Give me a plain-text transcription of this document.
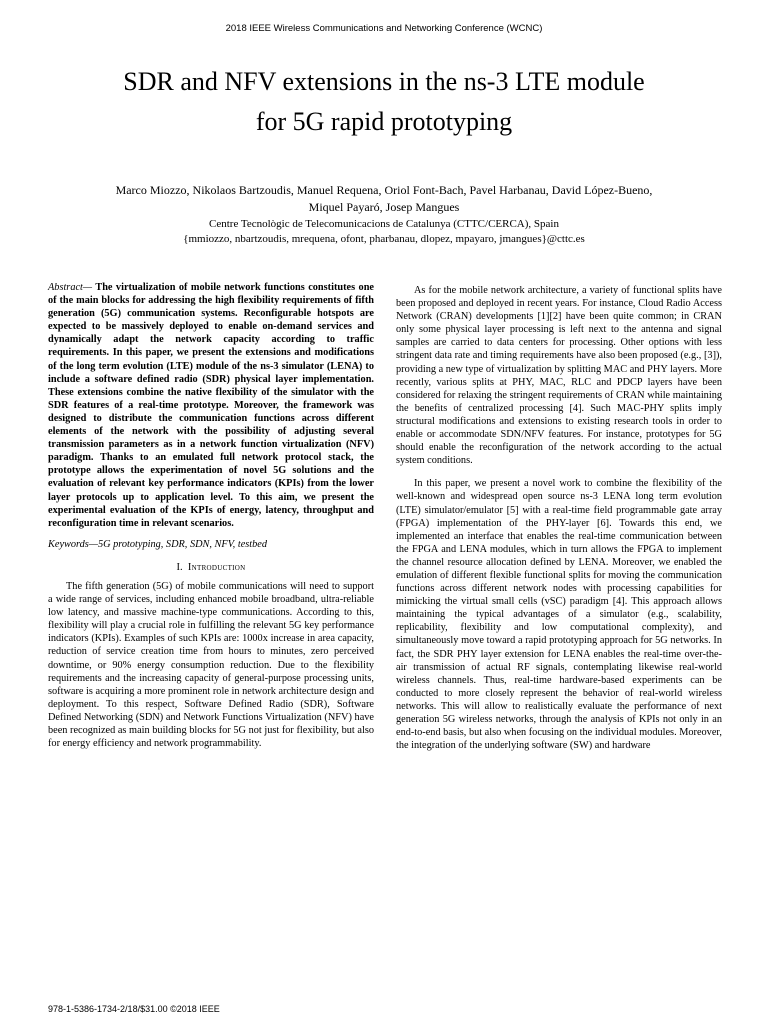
2018 IEEE Wireless Communications and Networking Conference (WCNC)
SDR and NFV extensions in the ns-3 LTE module
for 5G rapid prototyping
Marco Miozzo, Nikolaos Bartzoudis, Manuel Requena, Oriol Font-Bach, Pavel Harbanau, David López-Bueno,
Miquel Payaró, Josep Mangues
Centre Tecnològic de Telecomunicacions de Catalunya (CTTC/CERCA), Spain
{mmiozzo, nbartzoudis, mrequena, ofont, pharbanau, dlopez, mpayaro, jmangues}@cttc.es

Abstract— The virtualization of mobile network functions constitutes one of the main blocks for addressing the high flexibility requirements of fifth generation (5G) communication systems. Reconfigurable hotspots are expected to be massively deployed to enable on-demand services and dynamically adapt the network capacity according to traffic requirements. In this paper, we present the extensions and modifications of the long term evolution (LTE) module of the ns-3 simulator (LENA) to include a software defined radio (SDR) physical layer implementation. These extensions combine the native flexibility of the simulator with the SDR features of a real-time prototype. Moreover, the framework was designed to distribute the communication functions across different elements of the network with the possibility of adjusting several transmission parameters as in a network function virtualization (NFV) paradigm. Thanks to an emulated full network protocol stack, the prototype allows the experimentation of novel 5G solutions and the evaluation of relevant key performance indicators (KPIs) from the lower layer protocols up to application level. To this aim, we present the experimental evaluation of the KPIs of energy, latency, throughput and reconfiguration time in relevant scenarios.

Keywords—5G prototyping, SDR, SDN, NFV, testbed

I. Introduction

The fifth generation (5G) of mobile communications will need to support a wide range of services, including enhanced mobile broadband, ultra-reliable low latency, and massive machine-type communications. According to this, flexibility will play a crucial role in fulfilling the relevant 5G key performance indicators (KPIs). Examples of such KPIs are: 1000x increase in area capacity, reduction of service creation time from hours to minutes, zero perceived downtime, or 90% energy consumption reduction. Due to the flexibility requirements and the increasing capacity of general-purpose processing units, software is acquiring a more prominent role in network architecture design and deployment. To this respect, Software Defined Radio (SDR), Software Defined Networking (SDN) and Network Functions Virtualization (NFV) have been recognized as main building blocks for 5G not just for flexibility, but also for energy efficiency and network programmability.

As for the mobile network architecture, a variety of functional splits have been proposed and deployed in recent years. For instance, Cloud Radio Access Network (CRAN) developments [1][2] have been quite common; in CRAN only some physical layer processing is left next to the antenna and signal samples are carried to data centers for processing. Other options with less stringent data rate and timing requirements have also been proposed (e.g., [3]), providing a new type of virtualization by splitting MAC and PHY layers. More recently, various splits at PHY, MAC, RLC and PDCP layers have been considered for relaxing the stringent requirements of CRAN while maintaining the benefits of centralized processing [4]. Such MAC-PHY splits imply structural modifications and extensions to existing research tools in order to enable or accommodate SDN/NFV features. For instance, prototypes for 5G should enable the reconfiguration of the network according to the actual system conditions.

In this paper, we present a novel work to combine the flexibility of the well-known and widespread open source ns-3 LENA long term evolution (LTE) simulator/emulator [5] with a real-time field programmable gate array (FPGA) implementation of the PHY-layer [6]. Towards this end, we implemented an interface that enables the real-time communication between the FPGA and LENA modules, which in turn allows the FPGA to implement the channel resource allocation defined by LENA. Moreover, we enabled the emulation of different flexible functional splits for moving the communication functions across different network nodes with processing capabilities for mimicking the virtual small cells (vSC) paradigm [4]. This approach allows maintaining the typical advantages of a simulator (e.g., scalability, replicability, flexibility and low computational complexity), and simultaneously move toward a rapid prototyping approach for 5G networks. In fact, the SDR PHY layer extension for LENA enables the real-time over-the-air transmission of actual RF signals, contemplating likewise real-world wireless channels. Thus, real-time hardware-based experiments can be conducted to more closely represent the behavior of real-world wireless networks. This will allow to realistically evaluate the performance of next generation 5G wireless networks, through the analysis of KPIs not only in an end-to-end basis, but also when focusing on the individual modules. Moreover, the integration of the underlying software (SW) and hardware

978-1-5386-1734-2/18/$31.00 ©2018 IEEE
